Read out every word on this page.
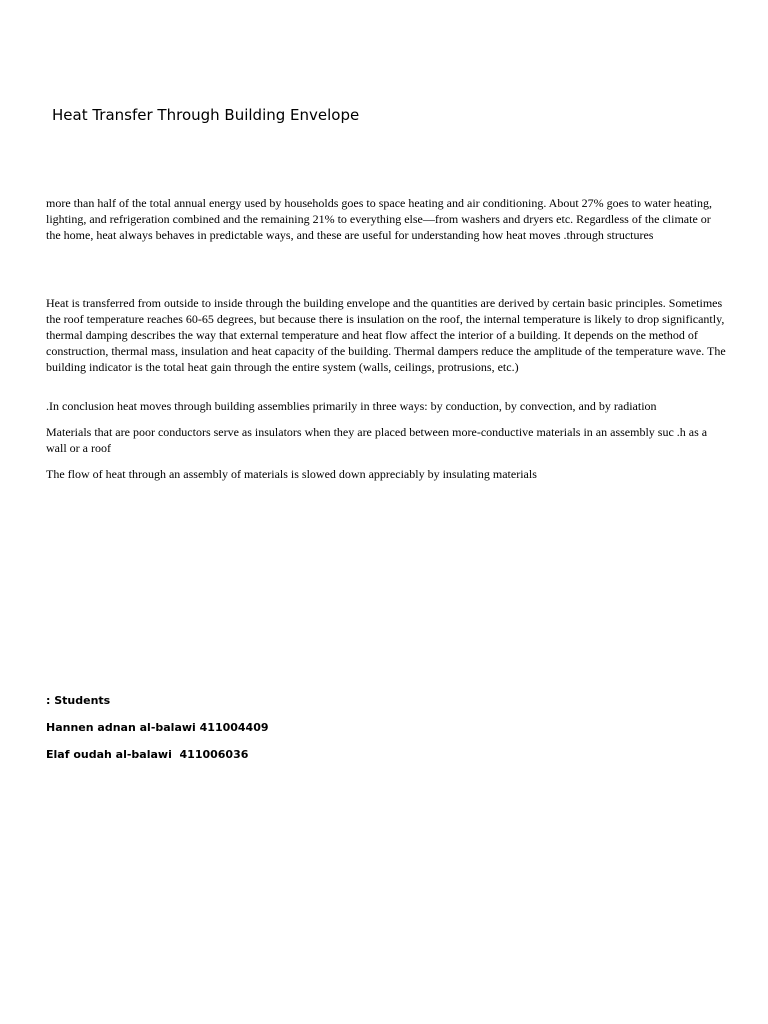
Heat Transfer Through Building Envelope

more than half of the total annual energy used by households goes to space heating and air conditioning. About 27% goes to water heating, lighting, and refrigeration combined and the remaining 21% to everything else—from washers and dryers etc. Regardless of the climate or the home, heat always behaves in predictable ways, and these are useful for understanding how heat moves .through structures

Heat is transferred from outside to inside through the building envelope and the quantities are derived by certain basic principles. Sometimes the roof temperature reaches 60-65 degrees, but because there is insulation on the roof, the internal temperature is likely to drop significantly, thermal damping describes the way that external temperature and heat flow affect the interior of a building. It depends on the method of construction, thermal mass, insulation and heat capacity of the building. Thermal dampers reduce the amplitude of the temperature wave. The building indicator is the total heat gain through the entire system (walls, ceilings, protrusions, etc.)

.In conclusion heat moves through building assemblies primarily in three ways: by conduction, by convection, and by radiation

Materials that are poor conductors serve as insulators when they are placed between more-conductive materials in an assembly suc .h as a wall or a roof

The flow of heat through an assembly of materials is slowed down appreciably by insulating materials

: Students
Hannen adnan al-balawi 411004409
Elaf oudah al-balawi  411006036
